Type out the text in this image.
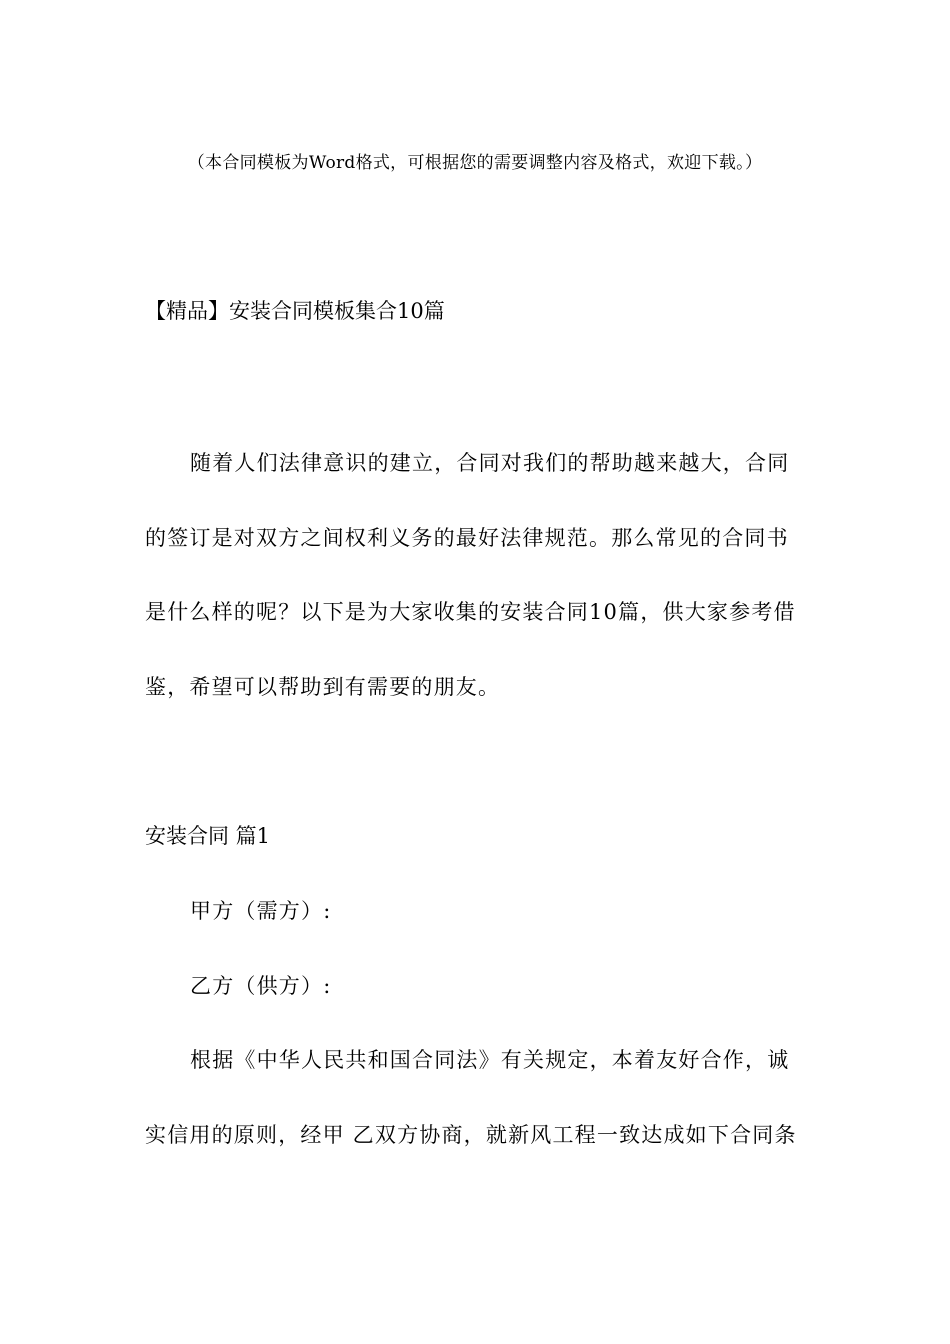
（本合同模板为Word格式，可根据您的需要调整内容及格式，欢迎下载。）
【精品】安装合同模板集合10篇
随着人们法律意识的建立，合同对我们的帮助越来越大，合同
的签订是对双方之间权利义务的最好法律规范。那么常见的合同书
是什么样的呢？以下是为大家收集的安装合同10篇，供大家参考借
鉴，希望可以帮助到有需要的朋友。
安装合同 篇1
甲方（需方）:
乙方（供方）:
根据《中华人民共和国合同法》有关规定，本着友好合作，诚
实信用的原则，经甲 乙双方协商，就新风工程一致达成如下合同条
